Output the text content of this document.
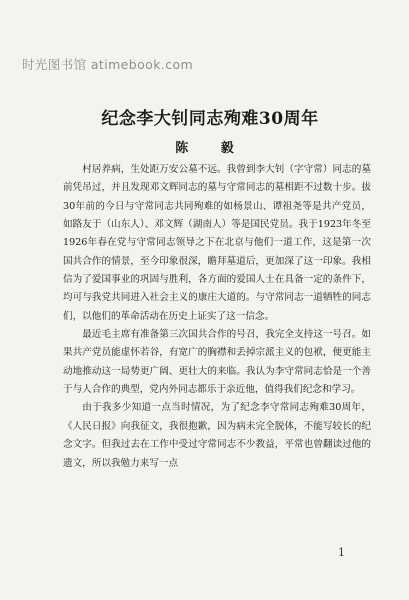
时光图书馆 atimebook.com
纪念李大钊同志殉难30周年
陈 毅

村居养病，生处距万安公墓不远。我曾到李大钊（字守常）同志的墓前凭吊过，并且发现邓文辉同志的墓与守常同志的墓相距不过数十步。拔30年前的今日与守常同志共同殉难的如杨景山、谭祖尧等是共产党员，如路友于（山东人）、邓文辉（湖南人）等是国民党员。我于1923年冬至1926年春在党与守常同志领导之下在北京与他们一道工作，这是第一次国共合作的情景，至今印象很深，瞻拜墓道后，更加深了这一印象。我相信为了爱国事业的巩固与胜利，各方面的爱国人士在具备一定的条件下，均可与我党共同进入社会主义的康庄大道的。与守常同志一道牺牲的同志们，以他们的革命活动在历史上证实了这一信念。

最近毛主席有准备第三次国共合作的号召，我完全支持这一号召。如果共产党员能虚怀若谷，有宽广的胸襟和丢掉宗派主义的包袱，便更能主动地推动这一局势更广阔、更壮大的来临。我认为李守常同志恰是一个善于与人合作的典型，党内外同志都乐于亲近他，值得我们纪念和学习。

由于我多少知道一点当时情况，为了纪念李守常同志殉难30周年，《人民日报》向我征文，我很抱歉，因为病未完全脱体，不能写较长的纪念文字。但我过去在工作中受过守常同志不少教益，平常也曾翻读过他的遗文，所以我勉力来写一点

1
